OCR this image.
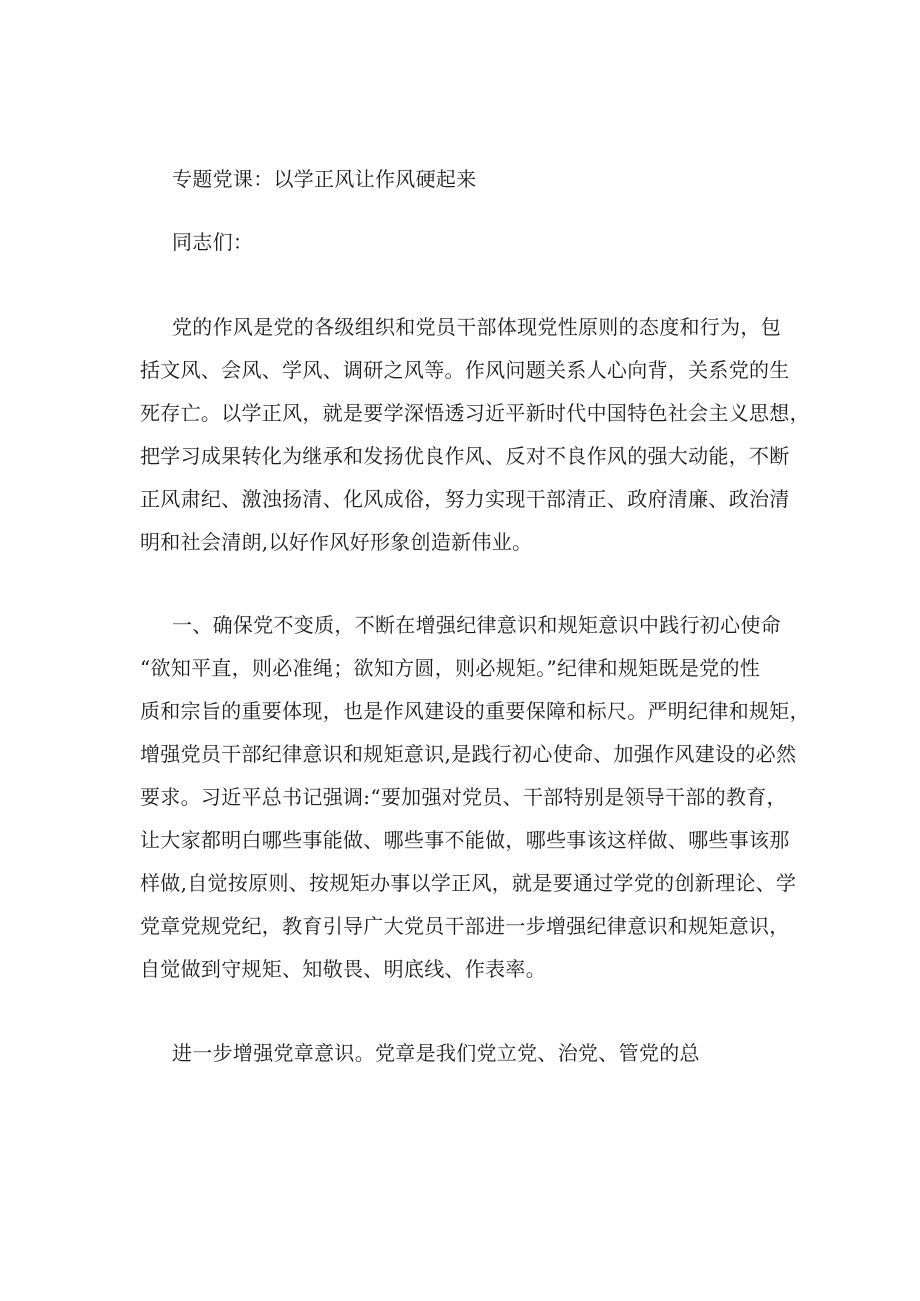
专题党课：以学正风让作风硬起来
同志们：
党的作风是党的各级组织和党员干部体现党性原则的态度和行为，包
括文风、会风、学风、调研之风等。作风问题关系人心向背，关系党的生
死存亡。以学正风，就是要学深悟透习近平新时代中国特色社会主义思想，
把学习成果转化为继承和发扬优良作风、反对不良作风的强大动能，不断
正风肃纪、激浊扬清、化风成俗，努力实现干部清正、政府清廉、政治清
明和社会清朗,以好作风好形象创造新伟业。
一、确保党不变质，不断在增强纪律意识和规矩意识中践行初心使命
“欲知平直，则必准绳；欲知方圆，则必规矩。”纪律和规矩既是党的性
质和宗旨的重要体现，也是作风建设的重要保障和标尺。严明纪律和规矩，
增强党员干部纪律意识和规矩意识,是践行初心使命、加强作风建设的必然
要求。习近平总书记强调:“要加强对党员、干部特别是领导干部的教育，
让大家都明白哪些事能做、哪些事不能做，哪些事该这样做、哪些事该那
样做,自觉按原则、按规矩办事以学正风，就是要通过学党的创新理论、学
党章党规党纪，教育引导广大党员干部进一步增强纪律意识和规矩意识，
自觉做到守规矩、知敬畏、明底线、作表率。
进一步增强党章意识。党章是我们党立党、治党、管党的总
